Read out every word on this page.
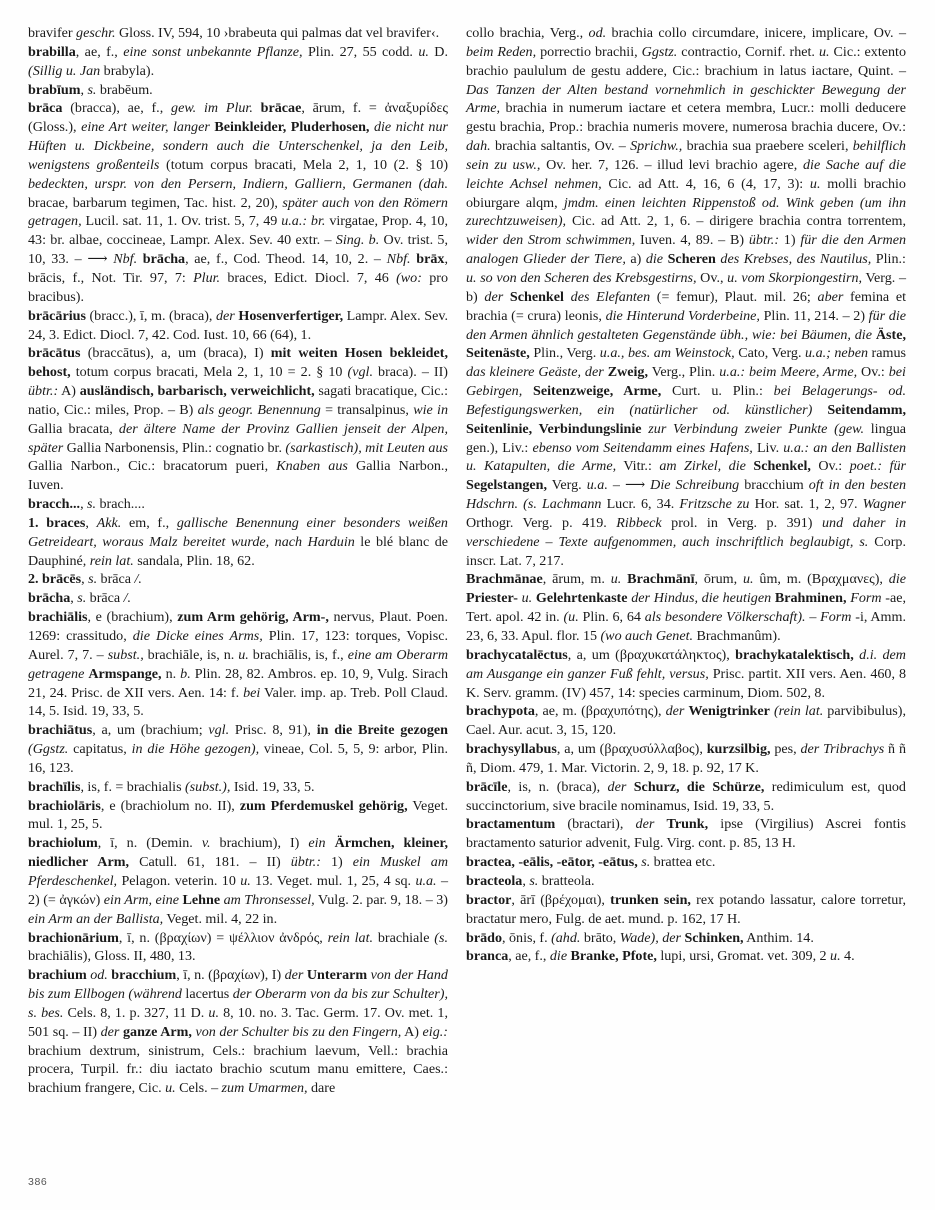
bravifer geschr. Gloss. IV, 594, 10 ›brabeuta qui palmas dat vel bravifer‹.

brabilla, ae, f., eine sonst unbekannte Pflanze, Plin. 27, 55 codd. u. D. (Sillig u. Jan brabyla).

brabīum, s. brabēum.

brāca (bracca), ae, f., gew. im Plur. brācae, ārum, f. = ἀναξυρίδες (Gloss.), eine Art weiter, langer Beinkleider, Pluderhosen, die nicht nur Hüften u. Dickbeine, sondern auch die Unterschenkel, ja den Leib, wenigstens großenteils (totum corpus bracati, Mela 2, 1, 10 (2. § 10) bedeckten, urspr. von den Persern, Indiern, Galliern, Germanen (dah. bracae, barbarum tegimen, Tac. hist. 2, 20), später auch von den Römern getragen, Lucil. sat. 11, 1. Ov. trist. 5, 7, 49 u.a.: br. virgatae, Prop. 4, 10, 43: br. albae, coccineae, Lampr. Alex. Sev. 40 extr. – Sing. b. Ov. trist. 5, 10, 33. – ⟶ Nbf. brācha, ae, f., Cod. Theod. 14, 10, 2. – Nbf. brāx, brācis, f., Not. Tir. 97, 7: Plur. braces, Edict. Diocl. 7, 46 (wo: pro bracibus).

brācārius (bracc.), ī, m. (braca), der Hosenverfertiger, Lampr. Alex. Sev. 24, 3. Edict. Diocl. 7, 42. Cod. Iust. 10, 66 (64), 1.

brācātus (braccātus), a, um (braca), I) mit weiten Hosen bekleidet, behost, totum corpus bracati, Mela 2, 1, 10 = 2. § 10 (vgl. braca). – II) übtr.: A) ausländisch, barbarisch, verweichlicht, sagati bracatique, Cic.: natio, Cic.: miles, Prop. – B) als geogr. Benennung = transalpinus, wie in Gallia bracata, der ältere Name der Provinz Gallien jenseit der Alpen, später Gallia Narbonensis, Plin.: cognatio br. (sarkastisch), mit Leuten aus Gallia Narbon., Cic.: bracatorum pueri, Knaben aus Gallia Narbon., Iuven.

bracch..., s. brach....

1. braces, Akk. em, f., gallische Benennung einer besonders weißen Getreideart, woraus Malz bereitet wurde, nach Harduin le blé blanc de Dauphiné, rein lat. sandala, Plin. 18, 62.

2. brācēs, s. brāca /.

brācha, s. brāca /.

brachiālis, e (brachium), zum Arm gehörig, Arm-, nervus, Plaut. Poen. 1269: crassitudo, die Dicke eines Arms, Plin. 17, 123: torques, Vopisc. Aurel. 7, 7. – subst., brachiāle, is, n. u. brachiālis, is, f., eine am Oberarm getragene Armspange, n. b. Plin. 28, 82. Ambros. ep. 10, 9, Vulg. Sirach 21, 24. Prisc. de XII vers. Aen. 14: f. bei Valer. imp. ap. Treb. Poll Claud. 14, 5. Isid. 19, 33, 5.

brachiātus, a, um (brachium; vgl. Prisc. 8, 91), in die Breite gezogen (Ggstz. capitatus, in die Höhe gezogen), vineae, Col. 5, 5, 9: arbor, Plin. 16, 123.

brachīlis, is, f. = brachialis (subst.), Isid. 19, 33, 5.

brachiolāris, e (brachiolum no. II), zum Pferdemuskel gehörig, Veget. mul. 1, 25, 5.

brachiolum, ī, n. (Demin. v. brachium), I) ein Ärmchen, kleiner, niedlicher Arm, Catull. 61, 181. – II) übtr.: 1) ein Muskel am Pferdeschenkel, Pelagon. veterin. 10 u. 13. Veget. mul. 1, 25, 4 sq. u.a. – 2) (= ἀγκών) ein Arm, eine Lehne am Thronsessel, Vulg. 2. par. 9, 18. – 3) ein Arm an der Ballista, Veget. mil. 4, 22 in.

brachionārium, ī, n. (βραχίων) = ψέλλιον ἀνδρός, rein lat. brachiale (s. brachiālis), Gloss. II, 480, 13.

brachium od. bracchium, ī, n. (βραχίων), I) der Unterarm von der Hand bis zum Ellbogen (während lacertus der Oberarm von da bis zur Schulter), s. bes. Cels. 8, 1. p. 327, 11 D. u. 8, 10. no. 3. Tac. Germ. 17. Ov. met. 1, 501 sq. – II) der ganze Arm, von der Schulter bis zu den Fingern, A) eig.: brachium dextrum, sinistrum, Cels.: brachium laevum, Vell.: brachia procera, Turpil. fr.: diu iactato brachio scutum manu emittere, Caes.: brachium frangere, Cic. u. Cels. – zum Umarmen, dare

collo brachia, Verg., od. brachia collo circumdare, inicere, implicare, Ov. – beim Reden, porrectio brachii, Ggstz. contractio, Cornif. rhet. u. Cic.: extento brachio paululum de gestu addere, Cic.: brachium in latus iactare, Quint. – Das Tanzen der Alten bestand vornehmlich in geschickter Bewegung der Arme, brachia in numerum iactare et cetera membra, Lucr.: molli deducere gestu brachia, Prop.: brachia numeris movere, numerosa brachia ducere, Ov.: dah. brachia saltantis, Ov. – Sprichw., brachia sua praebere sceleri, behilflich sein zu usw., Ov. her. 7, 126. – illud levi brachio agere, die Sache auf die leichte Achsel nehmen, Cic. ad Att. 4, 16, 6 (4, 17, 3): u. molli brachio obiurgare alqm, jmdm. einen leichten Rippenstoß od. Wink geben (um ihn zurechtzuweisen), Cic. ad Att. 2, 1, 6. – dirigere brachia contra torrentem, wider den Strom schwimmen, Iuven. 4, 89. – B) übtr.: 1) für die den Armen analogen Glieder der Tiere, a) die Scheren des Krebses, des Nautilus, Plin.: u. so von den Scheren des Krebsgestirns, Ov., u. vom Skorpiongestirn, Verg. – b) der Schenkel des Elefanten (= femur), Plaut. mil. 26; aber femina et brachia (= crura) leonis, die Hinterund Vorderbeine, Plin. 11, 214. – 2) für die den Armen ähnlich gestalteten Gegenstände übh., wie: bei Bäumen, die Äste, Seitenäste, Plin., Verg. u.a., bes. am Weinstock, Cato, Verg. u.a.; neben ramus das kleinere Geäste, der Zweig, Verg., Plin. u.a.: beim Meere, Arme, Ov.: bei Gebirgen, Seitenzweige, Arme, Curt. u. Plin.: bei Belagerungs- od. Befestigungswerken, ein (natürlicher od. künstlicher) Seitendamm, Seitenlinie, Verbindungslinie zur Verbindung zweier Punkte (gew. lingua gen.), Liv.: ebenso vom Seitendamm eines Hafens, Liv. u.a.: an den Ballisten u. Katapulten, die Arme, Vitr.: am Zirkel, die Schenkel, Ov.: poet.: für Segelstangen, Verg. u.a. – ⟶ Die Schreibung bracchium oft in den besten Hdschrn. (s. Lachmann Lucr. 6, 34. Fritzsche zu Hor. sat. 1, 2, 97. Wagner Orthogr. Verg. p. 419. Ribbeck prol. in Verg. p. 391) und daher in verschiedene – Texte aufgenommen, auch inschriftlich beglaubigt, s. Corp. inscr. Lat. 7, 217.

Brachmānae, ārum, m. u. Brachmānī, ōrum, u. ûm, m. (Βραχμανες), die Priester- u. Gelehrtenkaste der Hindus, die heutigen Brahminen, Form -ae, Tert. apol. 42 in. (u. Plin. 6, 64 als besondere Völkerschaft). – Form -i, Amm. 23, 6, 33. Apul. flor. 15 (wo auch Genet. Brachmanûm).

brachycatalēctus, a, um (βραχυκατάληκτος), brachykatalektisch, d.i. dem am Ausgange ein ganzer Fuß fehlt, versus, Prisc. partit. XII vers. Aen. 460, 8 K. Serv. gramm. (IV) 457, 14: species carminum, Diom. 502, 8.

brachypota, ae, m. (βραχυπότης), der Wenigtrinker (rein lat. parvibibulus), Cael. Aur. acut. 3, 15, 120.

brachysyllabus, a, um (βραχυσύλλαβος), kurzsilbig, pes, der Tribrachys ñ ñ ñ, Diom. 479, 1. Mar. Victorin. 2, 9, 18. p. 92, 17 K.

brācīle, is, n. (braca), der Schurz, die Schürze, redimiculum est, quod succinctorium, sive bracile nominamus, Isid. 19, 33, 5.

bractamentum (bractari), der Trunk, ipse (Virgilius) Ascrei fontis bractamento saturior advenit, Fulg. Virg. cont. p. 85, 13 H.

bractea, -eālis, -eātor, -eātus, s. brattea etc.

bracteola, s. bratteola.

bractor, ārī (βρέχομαι), trunken sein, rex potando lassatur, calore torretur, bractatur mero, Fulg. de aet. mund. p. 162, 17 H.

brādo, ōnis, f. (ahd. brāto, Wade), der Schinken, Anthim. 14.

branca, ae, f., die Branke, Pfote, lupi, ursi, Gromat. vet. 309, 2 u. 4.

386
